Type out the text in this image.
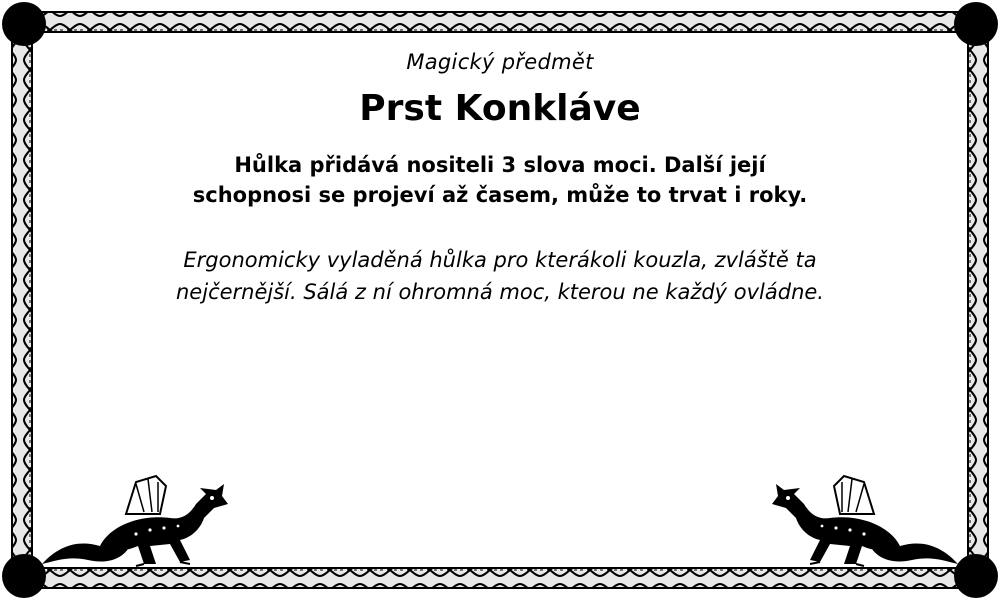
Magický předmět

Prst Konkláve

Hůlka přidává nositeli 3 slova moci. Další její schopnosi se projeví až časem, může to trvat i roky.

Ergonomicky vyladěná hůlka pro kterákoli kouzla, zvláště ta nejčernější. Sálá z ní ohromná moc, kterou ne každý ovládne.
